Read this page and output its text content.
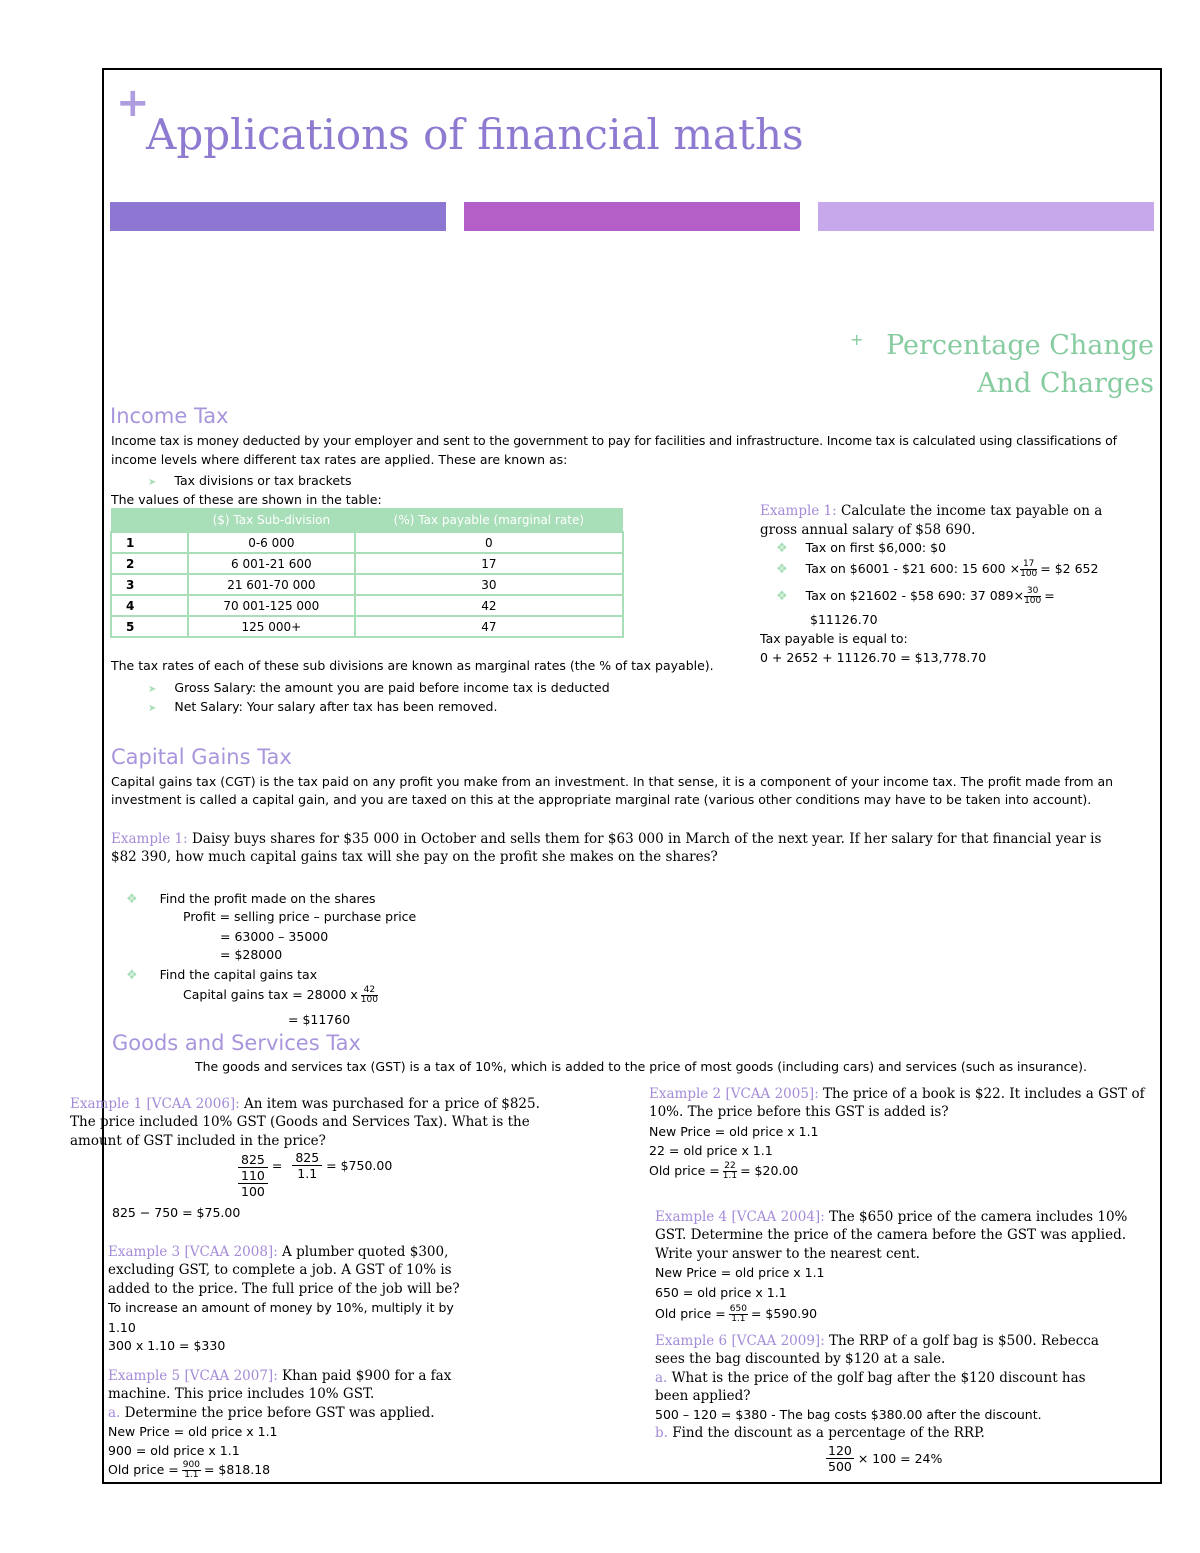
+
Applications of financial maths
+ Percentage Change
And Charges
Income Tax
Income tax is money deducted by your employer and sent to the government to pay for facilities and infrastructure. Income tax is calculated using classifications of
income levels where different tax rates are applied. These are known as:
➤ Tax divisions or tax brackets
The values of these are shown in the table:
	($) Tax Sub-division	(%) Tax payable (marginal rate)
1	0-6 000	0
2	6 001-21 600	17
3	21 601-70 000	30
4	70 001-125 000	42
5	125 000+	47
The tax rates of each of these sub divisions are known as marginal rates (the % of tax payable).
➤ Gross Salary: the amount you are paid before income tax is deducted
➤ Net Salary: Your salary after tax has been removed.
Example 1: Calculate the income tax payable on a
gross annual salary of $58 690.
❖ Tax on first $6,000: $0
❖ Tax on $6001 - $21 600: 15 $600 \times \frac{17}{100}$ = $2 652
❖ Tax on $21602 - $58 690: 37 $089\times \frac{30}{100}$ =
$11126.70
Tax payable is equal to:
0 + 2652 + 11126.70 = $13,778.70
Capital Gains Tax
Capital gains tax (CGT) is the tax paid on any profit you make from an investment. In that sense, it is a component of your income tax. The profit made from an
investment is called a capital gain, and you are taxed on this at the appropriate marginal rate (various other conditions may have to be taken into account).
Example 1: Daisy buys shares for $35 000 in October and sells them for $63 000 in March of the next year. If her salary for that financial year is
$82 390, how much capital gains tax will she pay on the profit she makes on the shares?
❖ Find the profit made on the shares
Profit = selling price – purchase price
= 63000 – 35000
= $28000
❖ Find the capital gains tax
Capital gains tax = 28000 x $\frac{42}{100}$
= $11760
Goods and Services Tax
The goods and services tax (GST) is a tax of 10%, which is added to the price of most goods (including cars) and services (such as insurance).
Example 1 [VCAA 2006]: An item was purchased for a price of $825.
The price included 10% GST (Goods and Services Tax). What is the
amount of GST included in the price?
825
110
100
= $\frac{825}{1.1}$ = $750.00
825 − 750 = $75.00
Example 2 [VCAA 2005]: The price of a book is $22. It includes a GST of
10%. The price before this GST is added is?
New Price = old price x 1.1
22 = old price x 1.1
Old price = $\frac{22}{1.1}$ = $20.00
Example 3 [VCAA 2008]: A plumber quoted $300,
excluding GST, to complete a job. A GST of 10% is
added to the price. The full price of the job will be?
To increase an amount of money by 10%, multiply it by
1.10
300 x 1.10 = $330
Example 4 [VCAA 2004]: The $650 price of the camera includes 10%
GST. Determine the price of the camera before the GST was applied.
Write your answer to the nearest cent.
New Price = old price x 1.1
650 = old price x 1.1
Old price = $\frac{650}{1.1}$ = $590.90
Example 5 [VCAA 2007]: Khan paid $900 for a fax
machine. This price includes 10% GST.
a. Determine the price before GST was applied.
New Price = old price x 1.1
900 = old price x 1.1
Old price = $\frac{900}{1.1}$ = $818.18
Example 6 [VCAA 2009]: The RRP of a golf bag is $500. Rebecca
sees the bag discounted by $120 at a sale.
a. What is the price of the golf bag after the $120 discount has
been applied?
500 – 120 = $380 - The bag costs $380.00 after the discount.
b. Find the discount as a percentage of the RRP.
$\frac{120}{500} \times 100 = 24\%$
